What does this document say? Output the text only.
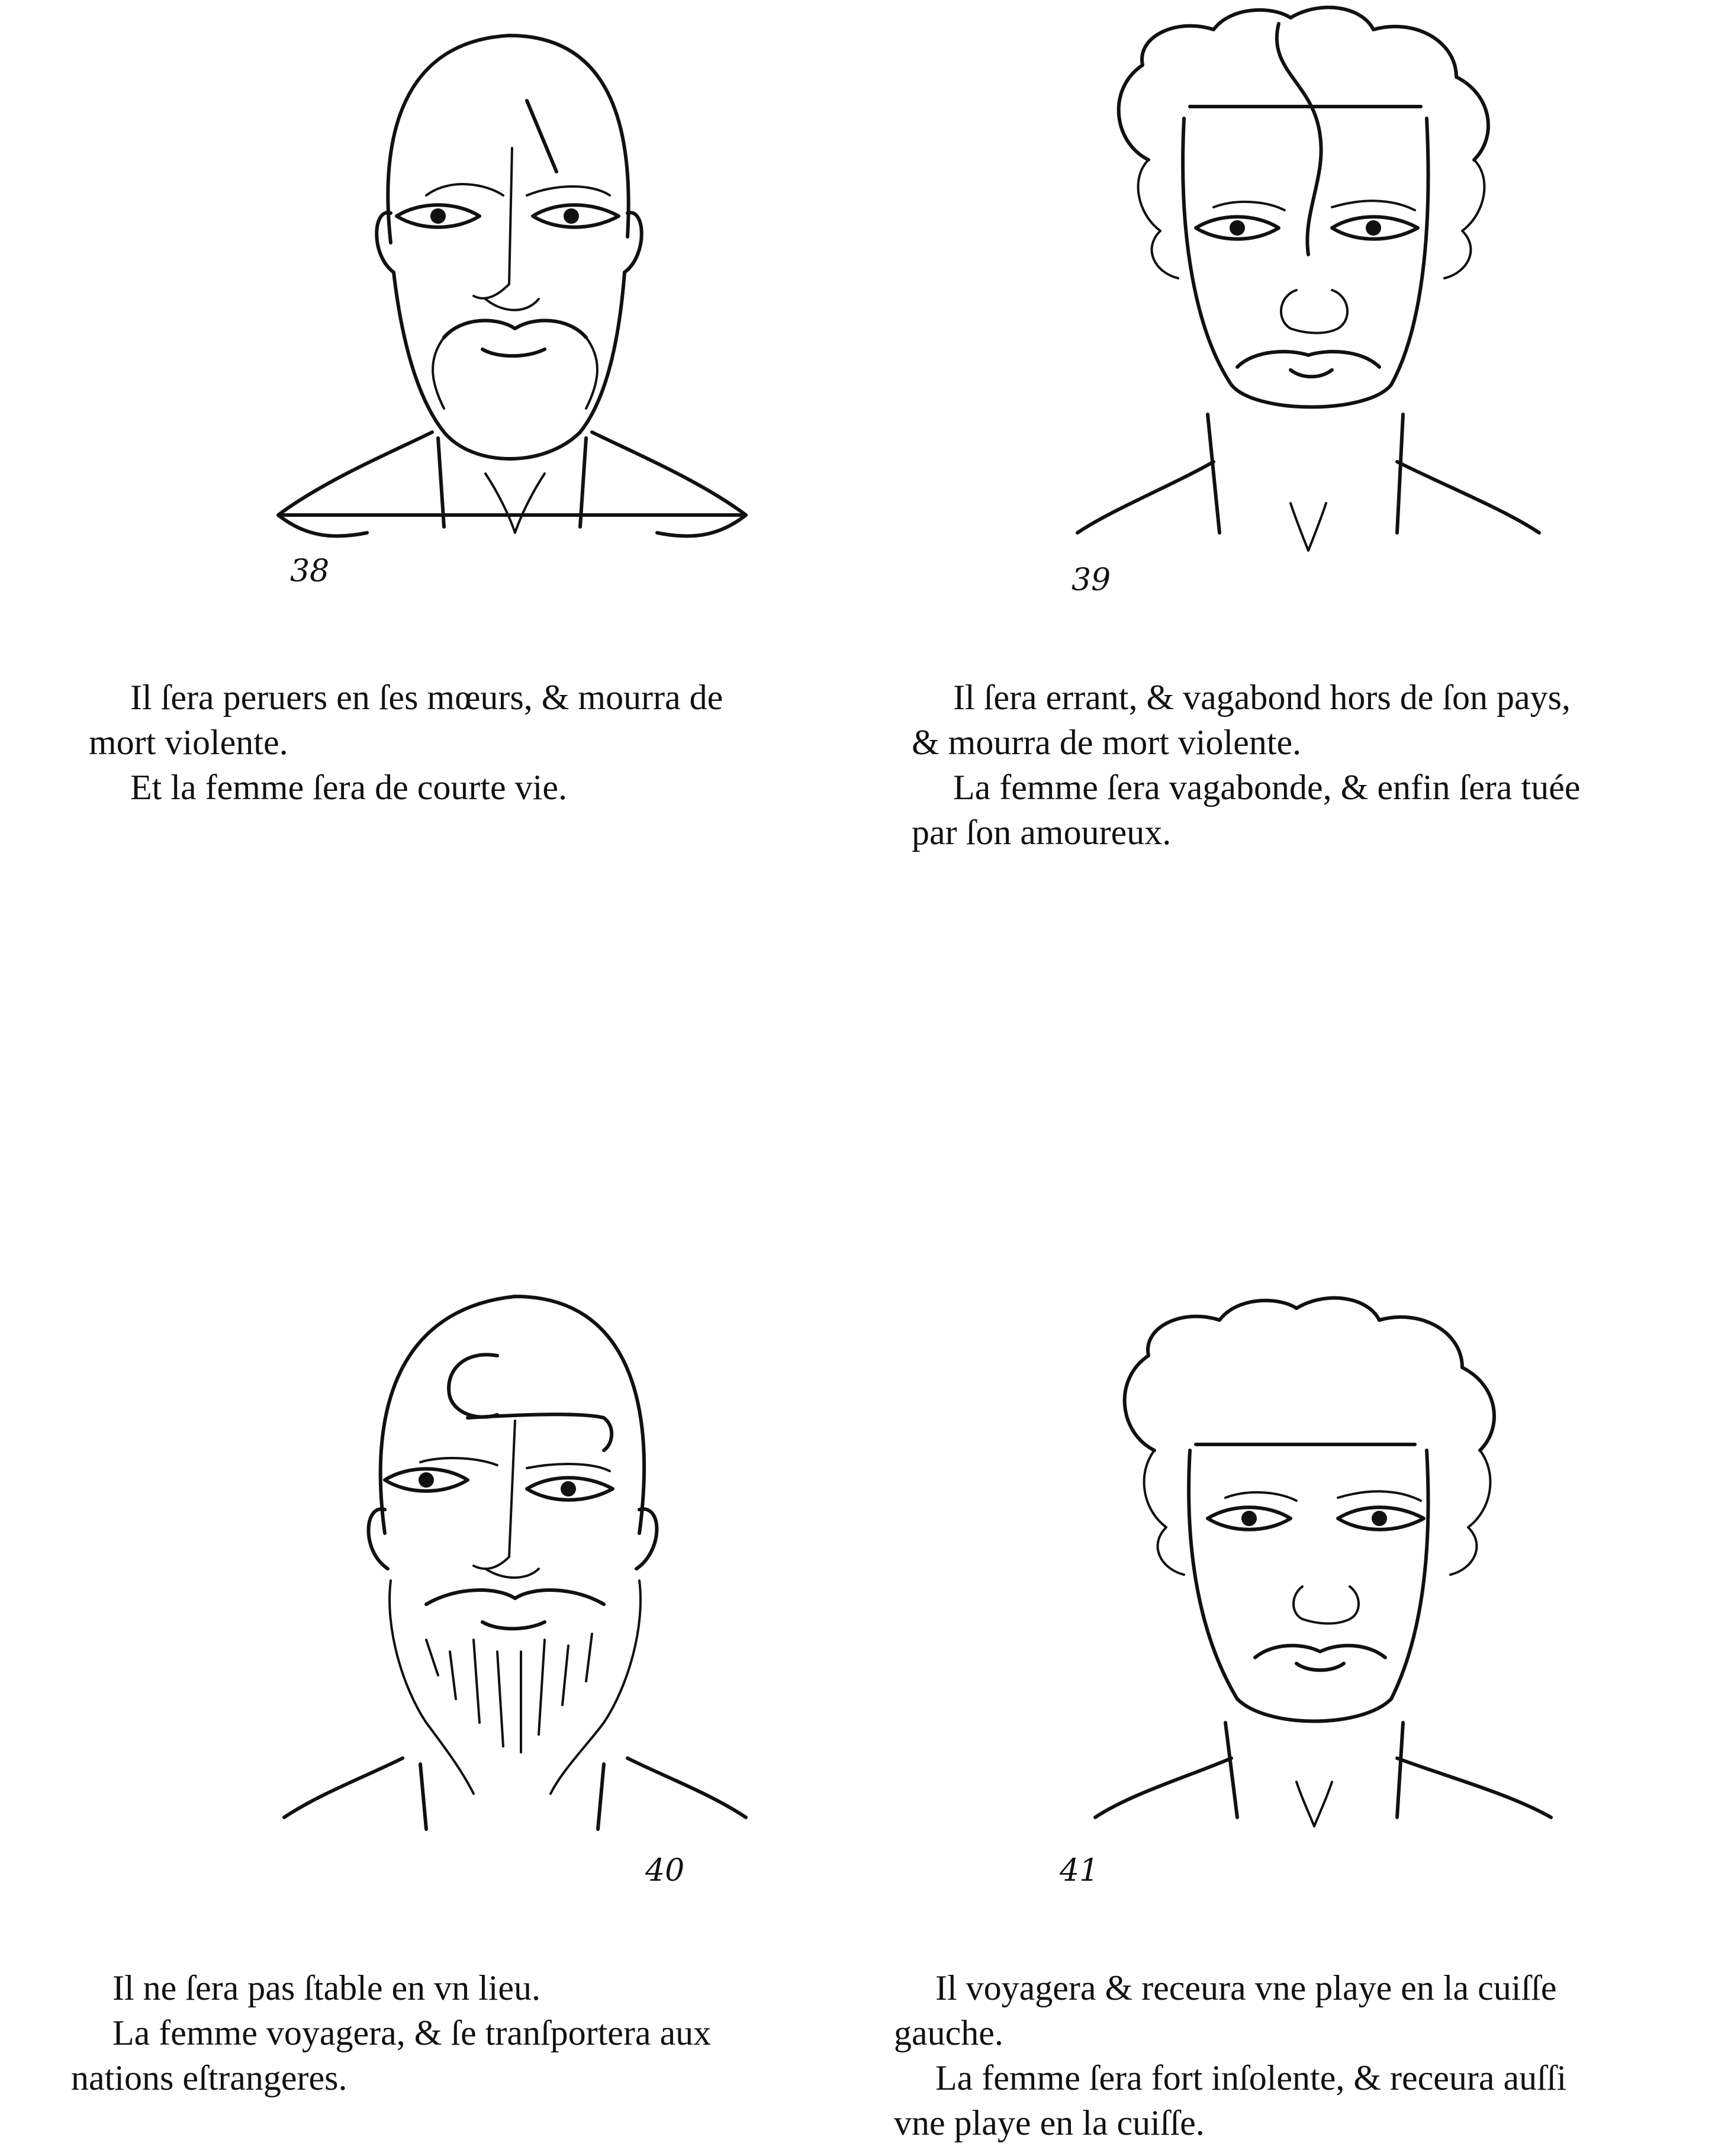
38	39

Il ſera peruers en ſes mœurs, & mourra de

mort violente.

Et la femme ſera de courte vie.

Il ſera errant, & vagabond hors de ſon pays,

& mourra de mort violente.

La femme ſera vagabonde, & enfin ſera tuée

par ſon amoureux.

40	41

Il ne ſera pas ſtable en vn lieu.

La femme voyagera, & ſe tranſportera aux

nations eſtrangeres.

Il voyagera & receura vne playe en la cuiſſe

gauche.

La femme ſera fort inſolente, & receura auſſi

vne playe en la cuiſſe.
